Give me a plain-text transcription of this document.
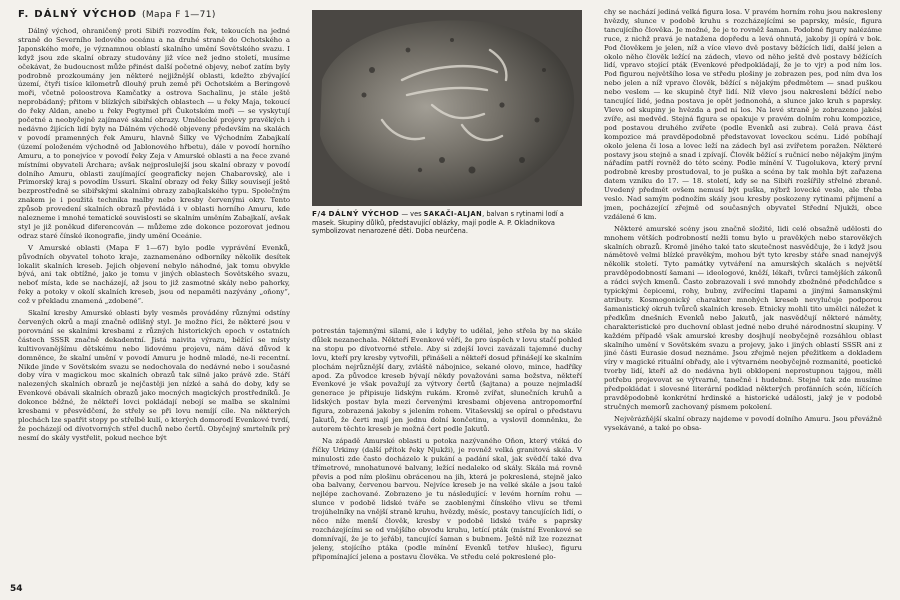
F. DÁLNÝ VÝCHOD (Mapa F 1—71)

Dálný východ, ohraničený proti Sibiři rozvodím řek, tekoucích na jedné straně do Severního ledového oceánu a na druhé straně do Ochotského a Japonského moře, je významnou oblastí skalního umění Sovětského svazu. I když jsou zde skalní obrazy studovány již více než jedno století, musíme očekávat, že budoucnost může přinést další početné objevy, neboť zatím byly podrobně prozkoumány jen některé nejjižnější oblasti, kdežto zbývající území, čtyři tisíce kilometrů dlouhý pruh země při Ochotském a Beringově moři, včetně poloostrova Kamčatky a ostrova Sachalinu, je stále ještě neprobádaný; přitom v blízkých sibiřských oblastech — u řeky Maja, tekoucí do řeky Aldan, anebo u řeky Pegtymel při Čukotském moři — se vyskytují početné a neobyčejně zajímavé skalní obrazy. Umělecké projevy pravěkých i nedávno žijících lidí byly na Dálném východě objeveny především na skalách v povodí pramenných řek Amuru, hlavně Šilky ve Východním Zabajkalí (území položeném východně od Jablonového hřbetu), dále v povodí horního Amuru, a to ponejvíce v povodí řeky Zeja v Amurské oblasti a na řece zvané místními obyvateli Árchara; avšak nejproslulejší jsou skalní obrazy v povodí dolního Amuru, oblasti zaujímající geograficky nejen Chabarovský, ale i Primorský kraj s povodím Ussuri. Skalní obrazy od řeky Šilky souvisejí ještě bezprostředně se sibiřskými skalními obrazy zabajkalského typu. Společným znakem je i použitá technika malby nebo kresby červenými okry. Tento způsob provedení skalních obrazů převládá i v oblasti horního Amuru, kde nalezneme i mnohé tematické souvislosti se skalním uměním Zabajkalí, avšak styl je již poněkud diferencován — můžeme zde dokonce pozorovat jednou odraz staré čínské ikonografie, jindy umění Oceánie.

V Amurské oblasti (Mapa F 1—67) bylo podle vyprávění Evenků, původních obyvatel tohoto kraje, zaznamenáno odborníky několik desítek lokalit skalních kreseb. Jejich objevení nebylo náhodné, jak tomu obvykle bývá, ani tak obtížné, jako je tomu v jiných oblastech Sovětského svazu, neboť místa, kde se nacházejí, až jsou to již zasmotné skály nebo pahorky, řeky a potoky v okolí skalních kreseb, jsou od nepaměti nazývány „oňony“, což v překladu znamená „zdobené“.

Skalní kresby Amurské oblasti byly vesměs prováděny různými odstíny červených okrů a mají značně odlišný styl. Je možno říci, že některé jsou v porovnání se skalními kresbami z různých historických epoch v ostatních částech SSSR značně dekadentní. Jistá naivita výrazu, běžící se místy kultivovanějšímu dětskému nebo lidovému projevu, nám dává důvod k domněnce, že skalní umění v povodí Amuru je hodně mladé, ne-li recentní. Nikde jinde v Sovětském svazu se nedochovala do nedávné nebo i současné doby víra v magickou moc skalních obrazů tak silně jako právě zde. Stáří nalezených skalních obrazů je nejčastěji jen nízké a sahá do doby, kdy se Evenkové obávali skalních obrazů jako mocných magických prostředníků. Je dokonce běžné, že někteří lovci pokládají nebojí se malba se skalními kresbami v přesvědčení, že střely se při lovu nemíjí cíle. Na některých plochách lze spatřit stopy po střelbě kulí, o kterých domorodí Evenkové tvrdí, že pocházejí od dívotvorných střel duchů nebo čertů. Obyčejný smrtelník prý nesmí do skály vystřelit, pokud nechce být

F/4 DÁLNÝ VÝCHOD — ves SAKAČI-ALJAN, balvan s rytinami lodí a masek. Skupiny důlků, představující oblázky, mají podle A. P. Okladnikova symbolizovat nenarozené děti. Doba neurčena.

potrestán tajemnými silami, ale i kdyby to udělal, jeho střela by na skále důlek nezanechala. Někteří Evenkové věří, že pro úspěch v lovu stačí pohled na stopu po dívotvorné střele. Aby si zdejší lovci zavázali tajemné duchy lovu, kteří pry kresby vytvořili, přinášeli a někteří dosud přinášejí ke skalním plochám nejrůznější dary, zvláště nábojnice, sekané olovo, mince, hadříky apod. Za původce kreseb bývají někdy považováni sama božstva, někteří Evenkové je však považují za výtvory čertů (šajtana) a pouze nejmladší generace je připisuje lidským rukám. Kromě zvířat, slunečních kruhů a lidských postav byla mezi červenými kresbami objevena antropomorfní figura, zobrazená jakoby s jelením rohem. Vitaševskij se opíral o představu Jakutů, že čerti mají jen jednu dolní končetinu, a vyslovil domněnku, že autorem těchto kreseb je možná čert podle Jakutů.

Na západě Amurské oblasti u potoka nazývaného Oňon, který vtéká do říčky Urkimy (další přítok řeky Njukži), je rovněž velká granitová skála. V minulosti zde často docházelo k pukání a padání skal, jak svědčí také dva třímetrové, mnohatunové balvany, ležící nedaleko od skály. Skála má rovně převis a pod ním plošinu obrácenou na jih, která je pokreslená, stejně jako oba balvany, červenou barvou. Nejvíce kreseb je na velké skále a jsou také nejlépe zachované. Zobrazeno je tu následující: v levém horním rohu — slunce v podobě lidské tváře se zaoblenými čínského vlivu se třemi trojúhelníky na vnější straně kruhu, hvězdy, měsíc, postavy tancujících lidí, o něco níže menší člověk, kresby v podobě lidské tváře s paprsky rozcházejícími se od vnějšího obvodu kruhu, letící pták (místní Evenkové se domnívají, že je to jeřáb), tancující šaman s bubnem. Ještě níž lze rozeznat jeleny, stojícího ptáka (podle mínění Evenků tetřev hlušec), figuru připomínající jelena a postavu člověka. Ve středu celé pokreslené plo-

chy se nachází jediná velká figura losa. V pravém horním rohu jsou nakresleny hvězdy, slunce v podobě kruhu s rozcházejícími se paprsky, měsíc, figura tancujícího člověka. Je možné, že je to rovněž šaman. Podobné figury nalézáme ruce, z nichž pravá je natažena dopředu a levá ohnutá, jakoby ji opírá v bok. Pod člověkem je jelen, níž a více vlevo dvě postavy běžících lidí, další jelen a okolo něho člověk ležící na zádech, vlevo od něho ještě dvě postavy běžících lidí, vpravo stojící pták (Evenkové předpokládají, že je to vjr) a pod ním los. Pod figurou největšího losa ve středu plošiny je zobrazen pes, pod ním dva los nebo jelen a níž vpravo člověk, běžící s nějakým předmětem — snad puškou nebo veslem — ke skupině čtyř lidí. Níž vlevo jsou nakresleni běžící nebo tancující lidé, jedna postava je opět jednonohá, a slunce jako kruh s paprsky. Vlevo od skupiny je hvězda a pod ní los. Na levé straně je zobrazeno jakési zvíře, asi medvěd. Stejná figura se opakuje v pravém dolním rohu kompozice, pod postavou druhého zvířete (podle Evenků asi zubra). Celá prava část kompozice má pravděpodobně představovat loveckou scénu. Lidé pobíhají okolo jelena či losa a lovec leží na zádech byl asi zvířetem poražen. Některé postavy jsou stejně a snad i zpívají. Člověk běžící s ručnicí nebo nějakým jiným nářadím patří rovněž do této scény. Podle mínění V. Tugolukova, který první podrobně kresby prostudoval, to je puška a scéna by tak mohla být zařazena datem vzniku do 17. — 18. století, kdy se na Sibiři rozšířily střelné zbraně. Uvedený předmět ovšem nemusí být puška, nýbrž lovecké veslo, ale třeba veslo. Nad samým podnožím skály jsou kresby poskozeny rytinami přijmení a jmen, pocházející zřejmě od současných obyvatel Střední Njukži, obce vzdálené 6 km.

Některé amurské scény jsou značně složité, lidi celé obsažně udělosti do mnohem větších podrobností nežli tomu bylo u pravěkých nebo starověkých skalních obrazů. Kromě jiného také tato skutečnost nasvědčuje, že i když jsou námětově velmi blízké pravěkým, mohou být tyto kresby stáře snad nanejvýš několik století. Tyto památky vytváření na amurských skalách s největší pravděpodobností šamani — ideologové, kněží, lékaři, tvůrci tamějších zákonů a rádci svých kmenů. Často zobrazovali i své mnohdy zbožněné předchůdce s typickými čepicemi, rohy, bubny, zvířecími tlapami a jinými šamanskými atributy. Kosmogonický charakter mnohých kreseb nevylučuje podporou šamanistický okruh tvůrců skalních kreseb. Etnicky mohli tito umělci náležet k předkům dnešních Evenků nebo Jakutů, jak nasvědčují některé náměty, charakteristické pro duchovní oblast jedné nebo druhé národnostní skupiny. V každém případě však amurské kresby dosjhují neobyčejně rozsáhlou oblast skalního umění v Sovětském svazu a projevy, jako i jiných oblastí SSSR ani z jiné části Eurasie dosud neznáme. Jsou zřejmě nejen přežitkem a dokladem víry v magické rituální obřady, ale i výtvarném neobyčejně rozmanité, poetické tvorby lidí, kteří až do nedávna byli obklopeni neprostupnou tajgou, měli potřebu projevovat se výtvarně, tanečně i hudebně. Stejně tak zde musíme předpokládat i slovesné literární podklad některých profánních scén, líčících pravděpodobně konkrétní hrdinské a historické události, jaký je v podobě stručných memorů zachovaný písmem pokolení.

Nejvěrázňější skalní obrazy najdeme v povodí dolního Amuru. Jsou převážně vysekávané, a také po obsa-

54
